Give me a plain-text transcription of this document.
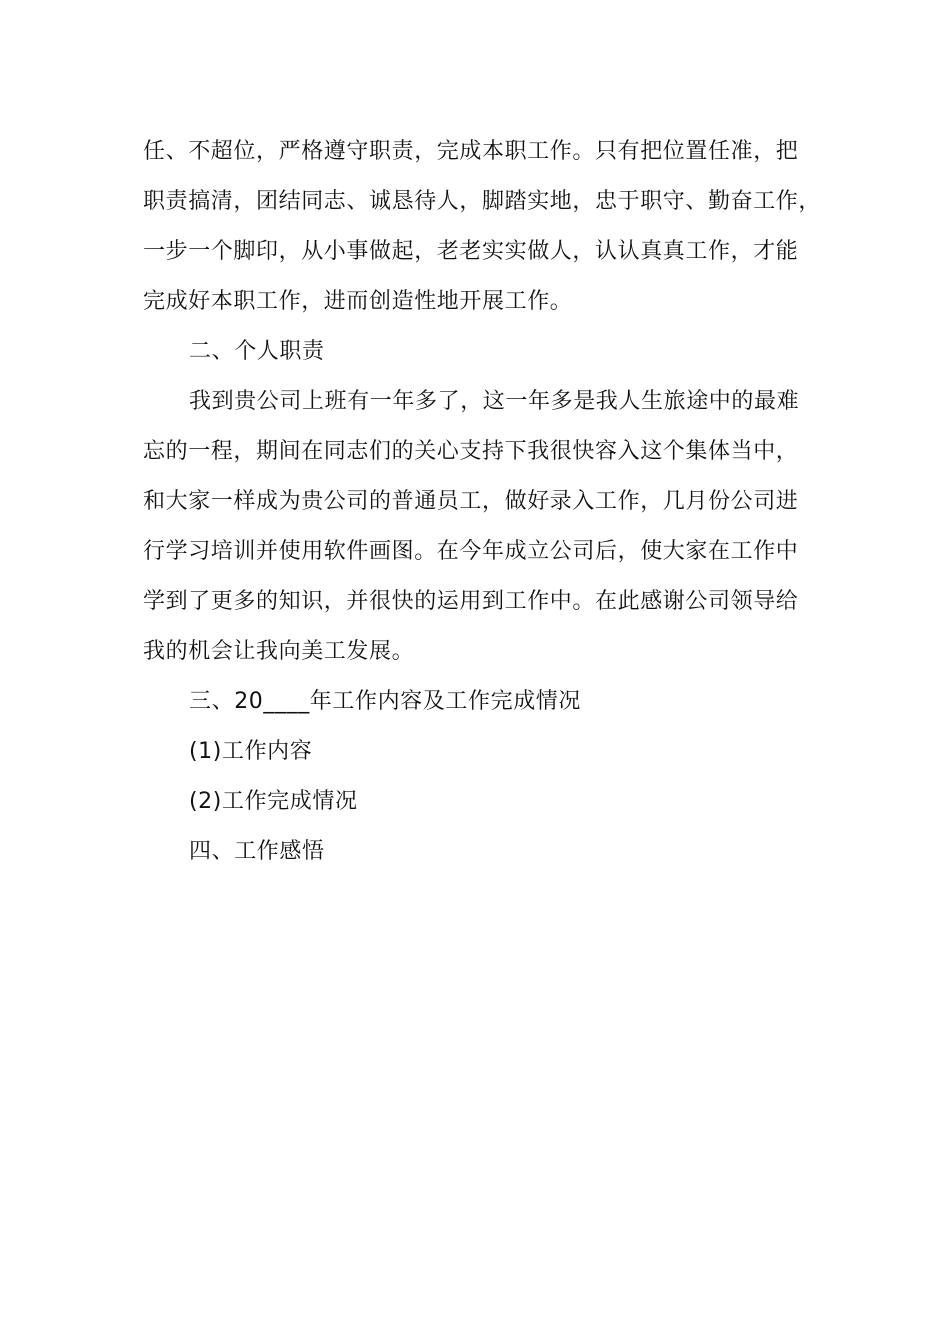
任、不超位，严格遵守职责，完成本职工作。只有把位置任准，把
职责搞清，团结同志、诚恳待人，脚踏实地，忠于职守、勤奋工作，
一步一个脚印，从小事做起，老老实实做人，认认真真工作，才能
完成好本职工作，进而创造性地开展工作。
二、个人职责
我到贵公司上班有一年多了，这一年多是我人生旅途中的最难
忘的一程，期间在同志们的关心支持下我很快容入这个集体当中，
和大家一样成为贵公司的普通员工，做好录入工作，几月份公司进
行学习培训并使用软件画图。在今年成立公司后，使大家在工作中
学到了更多的知识，并很快的运用到工作中。在此感谢公司领导给
我的机会让我向美工发展。
三、20____年工作内容及工作完成情况
(1)工作内容
(2)工作完成情况
四、工作感悟
